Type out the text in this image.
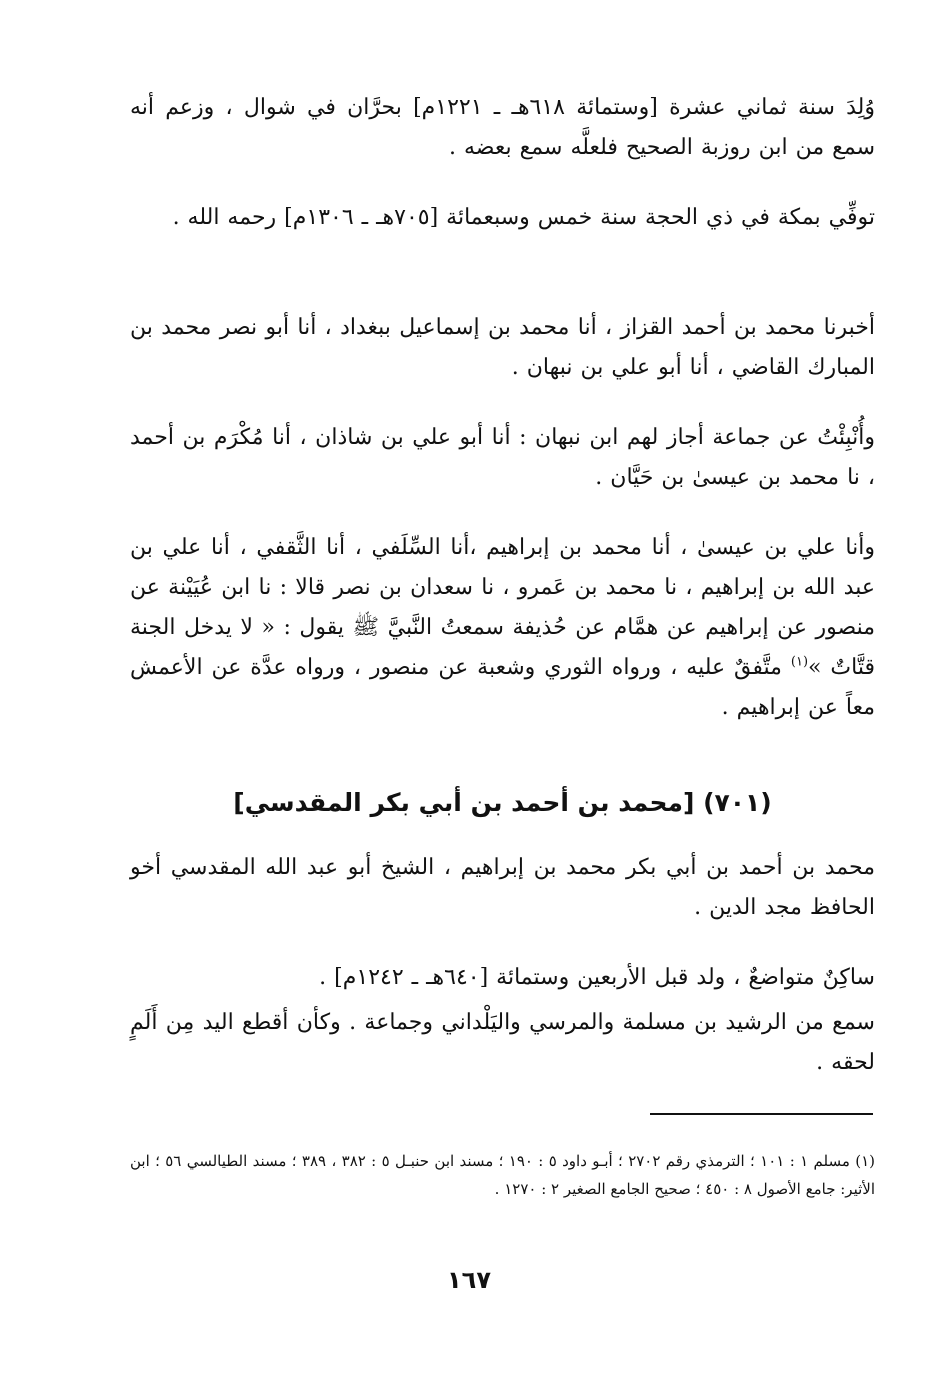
وُلِدَ سنة ثماني عشرة [وستمائة ٦١٨هـ ـ ١٢٢١م] بحرَّان في شوال ، وزعم أنه سمع من ابن روزبة الصحيح فلعلَّه سمع بعضه .

توفِّي بمكة في ذي الحجة سنة خمس وسبعمائة [٧٠٥هـ ـ ١٣٠٦م] رحمه الله .

أخبرنا محمد بن أحمد القزاز ، أنا محمد بن إسماعيل ببغداد ، أنا أبو نصر محمد بن المبارك القاضي ، أنا أبو علي بن نبهان .

وأُنْبِئْتُ عن جماعة أجاز لهم ابن نبهان : أنا أبو علي بن شاذان ، أنا مُكْرَم بن أحمد ، نا محمد بن عيسىٰ بن حَيَّان .

وأنا علي بن عيسىٰ ، أنا محمد بن إبراهيم ،أنا السِّلَفي ، أنا الثَّقفي ، أنا علي بن عبد الله بن إبراهيم ، نا محمد بن عَمرو ، نا سعدان بن نصر قالا : نا ابن عُيَيْنة عن منصور عن إبراهيم عن همَّام عن حُذيفة سمعتُ النَّبيَّ ﷺ يقول : « لا يدخل الجنة قتَّاتٌ »$^{(١)}$ متَّفقٌ عليه ، ورواه الثوري وشعبة عن منصور ، ورواه عدَّة عن الأعمش معاً عن إبراهيم .

(٧٠١) [محمد بن أحمد بن أبي بكر المقدسي]

محمد بن أحمد بن أبي بكر محمد بن إبراهيم ، الشيخ أبو عبد الله المقدسي أخو الحافظ مجد الدين .

ساكِنٌ متواضعٌ ، ولد قبل الأربعين وستمائة [٦٤٠هـ ـ ١٢٤٢م] .

سمع من الرشيد بن مسلمة والمرسي واليَلْداني وجماعة . وكأن أقطع اليد مِن أَلَمٍ لحقه .

(١) مسلم ١ : ١٠١ ؛ الترمذي رقم ٢٧٠٢ ؛ أبـو داود ٥ : ١٩٠ ؛ مسند ابن حنبـل ٥ : ٣٨٢ ، ٣٨٩ ؛ مسند الطيالسي ٥٦ ؛ ابن الأثير: جامع الأصول ٨ : ٤٥٠ ؛ صحيح الجامع الصغير ٢ : ١٢٧٠ .

١٦٧
